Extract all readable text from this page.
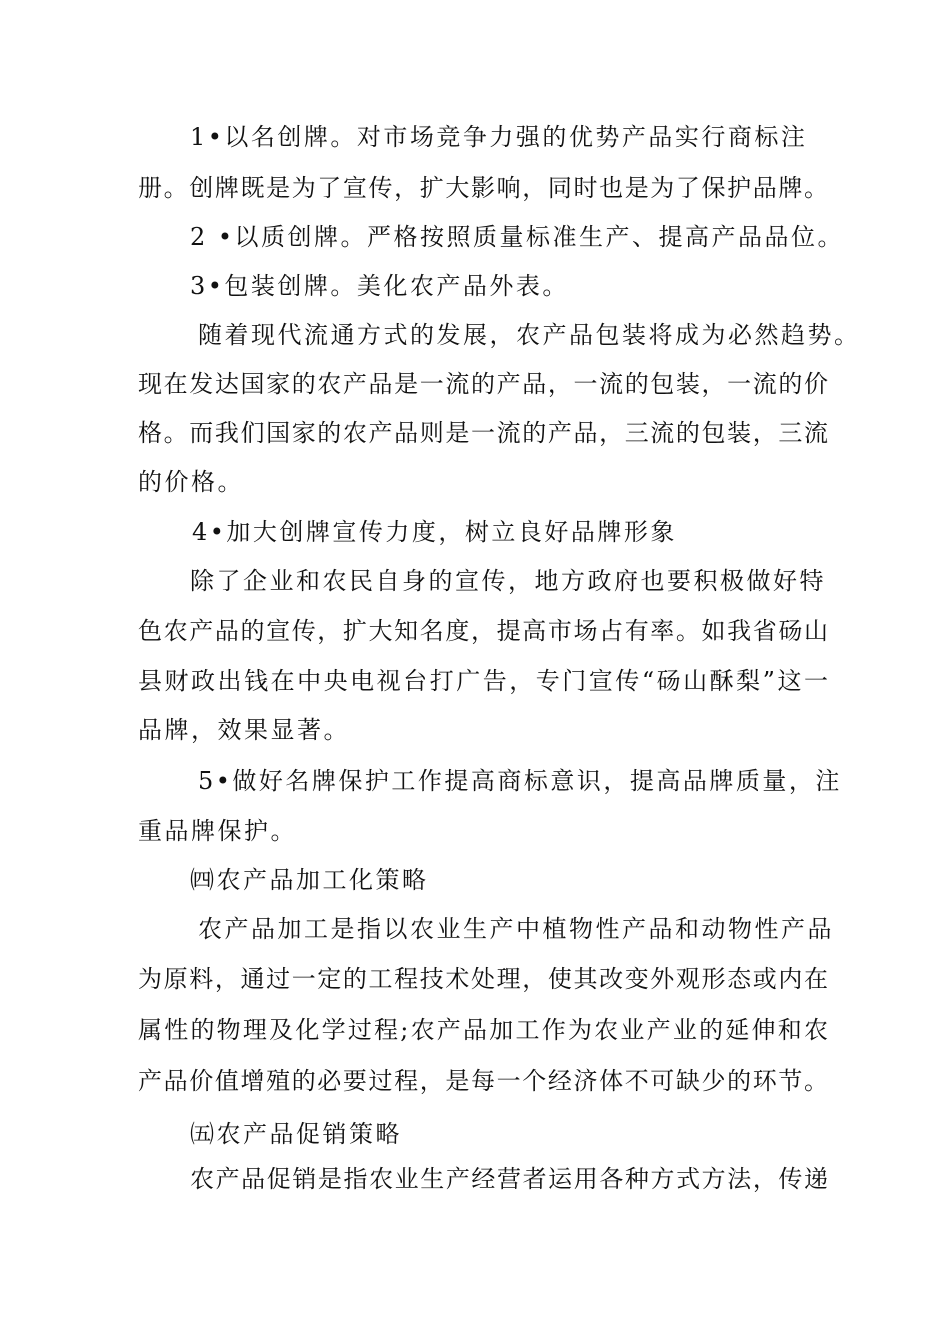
1•以名创牌。对市场竞争力强的优势产品实行商标注
册。创牌既是为了宣传，扩大影响，同时也是为了保护品牌。
2 •以质创牌。严格按照质量标准生产、提高产品品位。
3•包装创牌。美化农产品外表。
随着现代流通方式的发展，农产品包装将成为必然趋势。
现在发达国家的农产品是一流的产品，一流的包装，一流的价
格。而我们国家的农产品则是一流的产品，三流的包装，三流
的价格。
4•加大创牌宣传力度，树立良好品牌形象
除了企业和农民自身的宣传，地方政府也要积极做好特
色农产品的宣传，扩大知名度，提高市场占有率。如我省砀山
县财政出钱在中央电视台打广告，专门宣传“砀山酥梨”这一
品牌，效果显著。
5•做好名牌保护工作提高商标意识，提高品牌质量，注
重品牌保护。
㈣农产品加工化策略
农产品加工是指以农业生产中植物性产品和动物性产品
为原料，通过一定的工程技术处理，使其改变外观形态或内在
属性的物理及化学过程;农产品加工作为农业产业的延伸和农
产品价值增殖的必要过程，是每一个经济体不可缺少的环节。
㈤农产品促销策略
农产品促销是指农业生产经营者运用各种方式方法，传递
